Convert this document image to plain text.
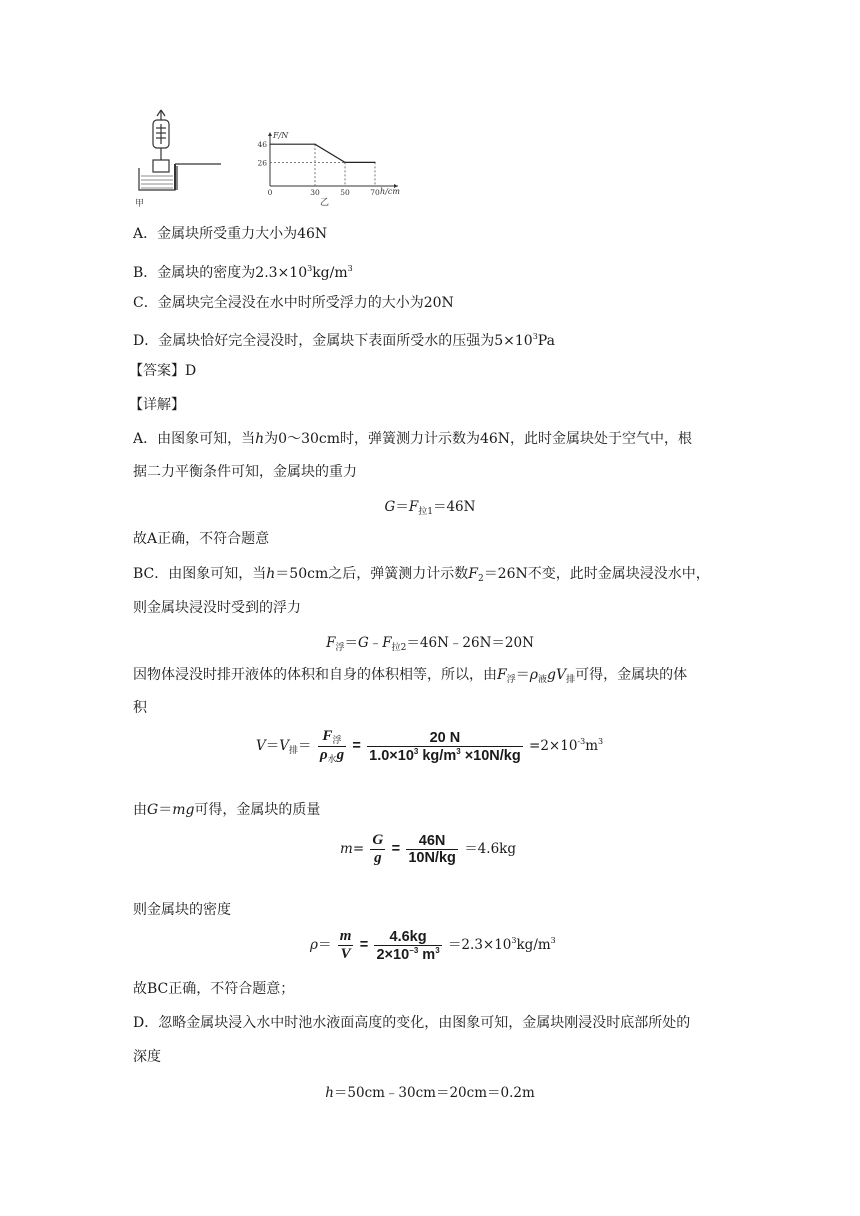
甲
0	30	50	70
46
26
F/N
h/cm
乙
A．金属块所受重力大小为46N
B．金属块的密度为$2.3\times 10^3kg/m^3$
C．金属块完全浸没在水中时所受浮力的大小为20N
D．金属块恰好完全浸没时，金属块下表面所受水的压强为$5\times 10^3Pa$
【答案】D
【详解】
A．由图象可知，当h为0～30cm时，弹簧测力计示数为46N，此时金属块处于空气中，根
据二力平衡条件可知，金属块的重力
$G=F_{拉1}=46N$
故A正确，不符合题意
BC．由图象可知，当h＝50cm之后，弹簧测力计示数$F_2=26N$不变，此时金属块浸没水中，
则金属块浸没时受到的浮力
$F_浮=G﹣F_{拉2}=46N﹣26N=20N$
因物体浸没时排开液体的体积和自身的体积相等，所以，由$F_浮=\rho_液gV_排$可得，金属块的体
积
$V=V_排= \frac{F_浮}{\rho_水g} = \frac{20 N}{1.0\times 10^3 kg/m^3 \times 10N/kg} =2\times 10^{-3}m^3$
由G＝mg可得，金属块的质量
$m= \frac{G}{g} = \frac{46N}{10N/kg} =4.6kg$
则金属块的密度
$\rho= \frac{m}{V} = \frac{4.6kg}{2\times 10^{-3} m^3} =2.3\times 10^3kg/m^3$
故BC正确，不符合题意；
D．忽略金属块浸入水中时池水液面高度的变化，由图象可知，金属块刚浸没时底部所处的
深度
h＝50cm﹣30cm＝20cm＝0.2m
